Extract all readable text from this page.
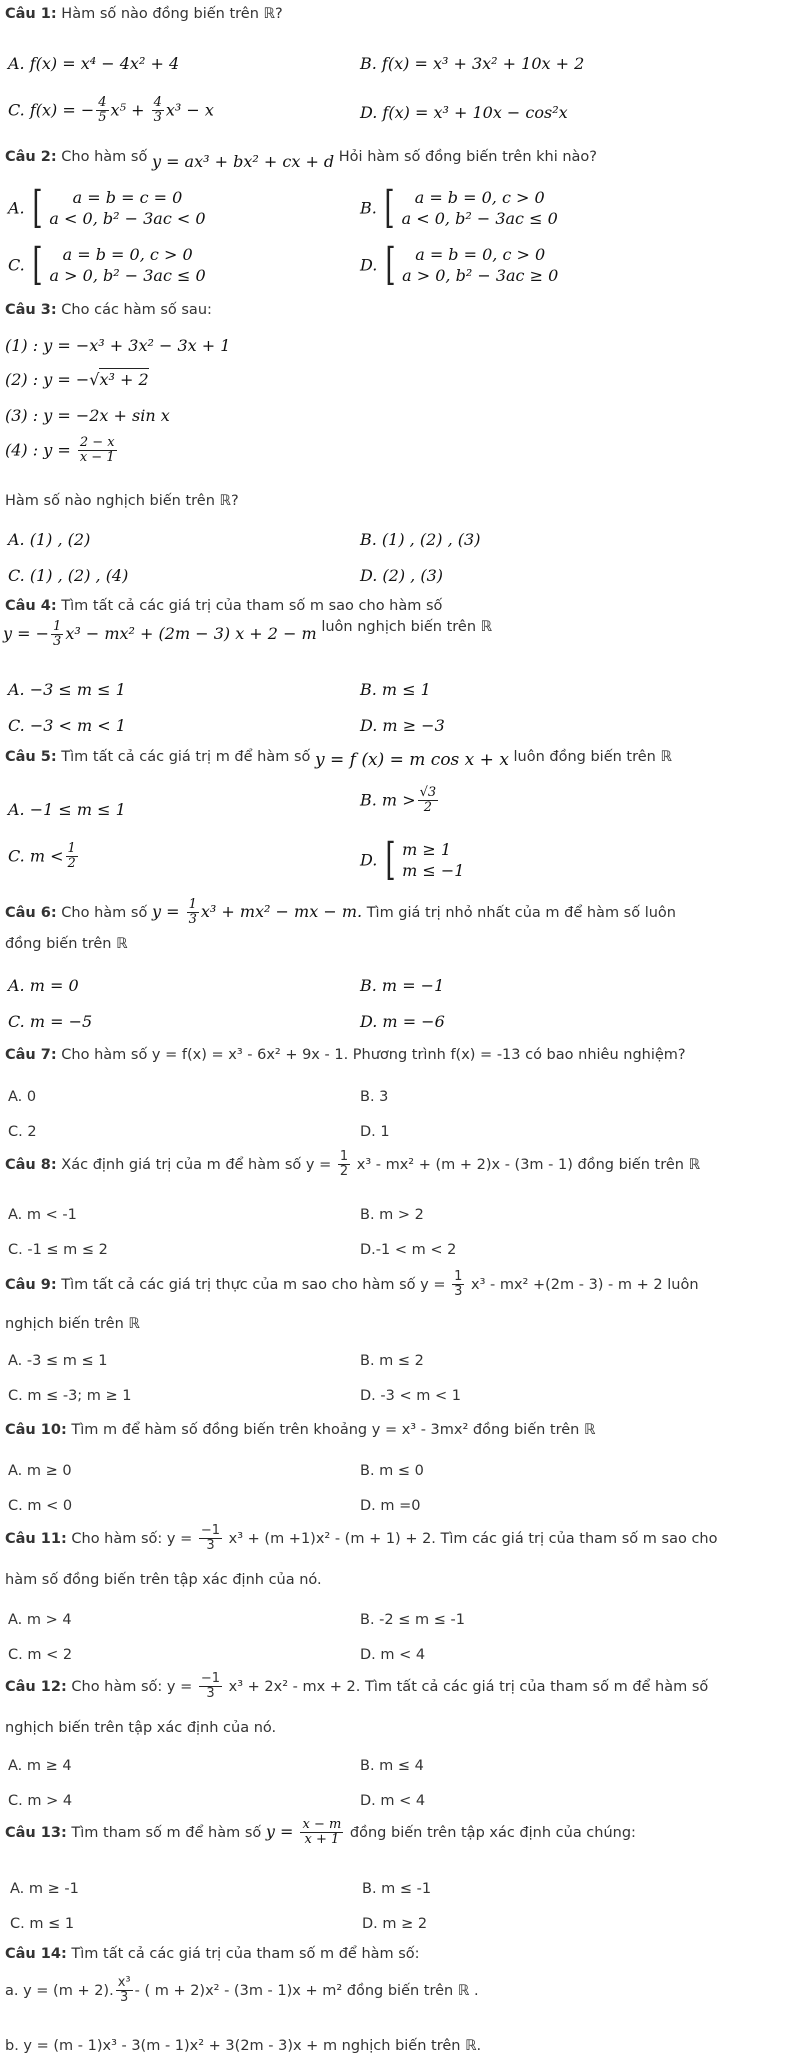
Câu 1: Hàm số nào đồng biến trên ℝ?
A. f(x) = x⁴ − 4x² + 4	B. f(x) = x³ + 3x² + 10x + 2
C. f(x) = − $\frac{4}{5} x^5 + \frac{4}{3} x^3 - x$	D. f(x) = x³ + 10x − cos²x
Câu 2: Cho hàm số y = ax³ + bx² + cx + d Hỏi hàm số đồng biến trên khi nào?
A. [	a = b = c = 0
a < 0, b² − 3ac < 0
B. [	a = b = 0, c > 0
a < 0, b² − 3ac ≤ 0
C. [	a = b = 0, c > 0
a > 0, b² − 3ac ≤ 0
D. [	a = b = 0, c > 0
a > 0, b² − 3ac ≥ 0
Câu 3: Cho các hàm số sau:
(1) : y = −x³ + 3x² − 3x + 1
(2) : y = −√x³ + 2
(3) : y = −2x + sin x
(4) : $y = \frac{2 - x}{x - 1}$
Hàm số nào nghịch biến trên ℝ?
A. (1) , (2)	B. (1) , (2) , (3)
C. (1) , (2) , (4)	D. (2) , (3)
Câu 4: Tìm tất cả các giá trị của tham số m sao cho hàm số
y = − $\frac{1}{3} x^3 - mx^2 + (2m - 3) x + 2 - m$ luôn nghịch biến trên ℝ
A. −3 ≤ m ≤ 1	B. m ≤ 1
C. −3 < m < 1	D. m ≥ −3
Câu 5: Tìm tất cả các giá trị m để hàm số y = f (x) = m cos x + x luôn đồng biến trên ℝ
A. −1 ≤ m ≤ 1
B. $m > \frac{√3}{2}$
C. $m < \frac{1}{2}$	D. [ m ≥ 1
m ≤ −1
Câu 6: Cho hàm số $y = \frac{1}{3} x^3 + mx^2$ − mx − m. Tìm giá trị nhỏ nhất của m để hàm số luôn
đồng biến trên ℝ
A. m = 0	B. m = −1
C. m = −5	D. m = −6
Câu 7: Cho hàm số y = f(x) = x³ - 6x² + 9x - 1. Phương trình f(x) = -13 có bao nhiêu nghiệm?
A. 0	B. 3
C. 2	D. 1
Câu 8: Xác định giá trị của m để hàm số $y = \frac{1}{2} x^3 - mx^2 + (m + 2)x - (3m - 1)$ đồng biến trên ℝ
A. m < -1	B. m > 2
C. -1 ≤ m ≤ 2	D.-1 < m < 2
Câu 9: Tìm tất cả các giá trị thực của m sao cho hàm số $y = \frac{1}{3} x^3 - mx^2 +(2m - 3) - m + 2$ luôn
nghịch biến trên ℝ
A. -3 ≤ m ≤ 1	B. m ≤ 2
C. m ≤ -3; m ≥ 1	D. -3 < m < 1
Câu 10: Tìm m để hàm số đồng biến trên khoảng y = x³ - 3mx² đồng biến trên ℝ
A. m ≥ 0	B. m ≤ 0
C. m < 0	D. m =0
Câu 11: Cho hàm số: $y = \frac{-1}{3} x^3 + (m +1)x^2 - (m + 1) + 2$. Tìm các giá trị của tham số m sao cho
hàm số đồng biến trên tập xác định của nó.
A. m > 4	B. -2 ≤ m ≤ -1
C. m < 2	D. m < 4
Câu 12: Cho hàm số: $y = \frac{-1}{3} x^3 + 2x^2$ - mx + 2. Tìm tất cả các giá trị của tham số m để hàm số
nghịch biến trên tập xác định của nó.
A. m ≥ 4	B. m ≤ 4
C. m > 4	D. m < 4
Câu 13: Tìm tham số m để hàm số $y = \frac{x - m}{x + 1}$ đồng biến trên tập xác định của chúng:
A. m ≥ -1	B. m ≤ -1
C. m ≤ 1	D. m ≥ 2
Câu 14: Tìm tất cả các giá trị của tham số m để hàm số:
a. y = (m + 2). $\frac{\text{x³}}{3}$ - ( m + 2)x² - (3m - 1)x + m² đồng biến trên ℝ .
b. y = (m - 1)x³ - 3(m - 1)x² + 3(2m - 3)x + m nghịch biến trên ℝ.
